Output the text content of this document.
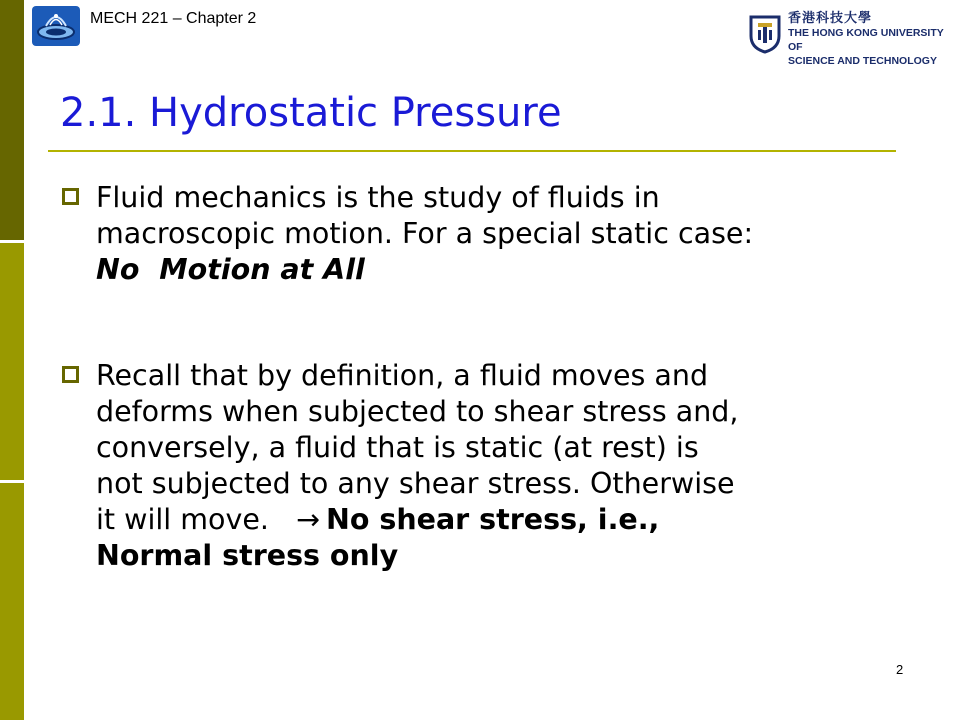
MECH 221 – Chapter 2	香港科技大學
THE HONG KONG UNIVERSITY OF
SCIENCE AND TECHNOLOGY
2.1. Hydrostatic Pressure
Fluid mechanics is the study of fluids in
macroscopic motion. For a special static case:
No  Motion at All
Recall that by definition, a fluid moves and
deforms when subjected to shear stress and,
conversely, a fluid that is static (at rest) is
not subjected to any shear stress. Otherwise
it will move. → No shear stress, i.e.,
Normal stress only
2
